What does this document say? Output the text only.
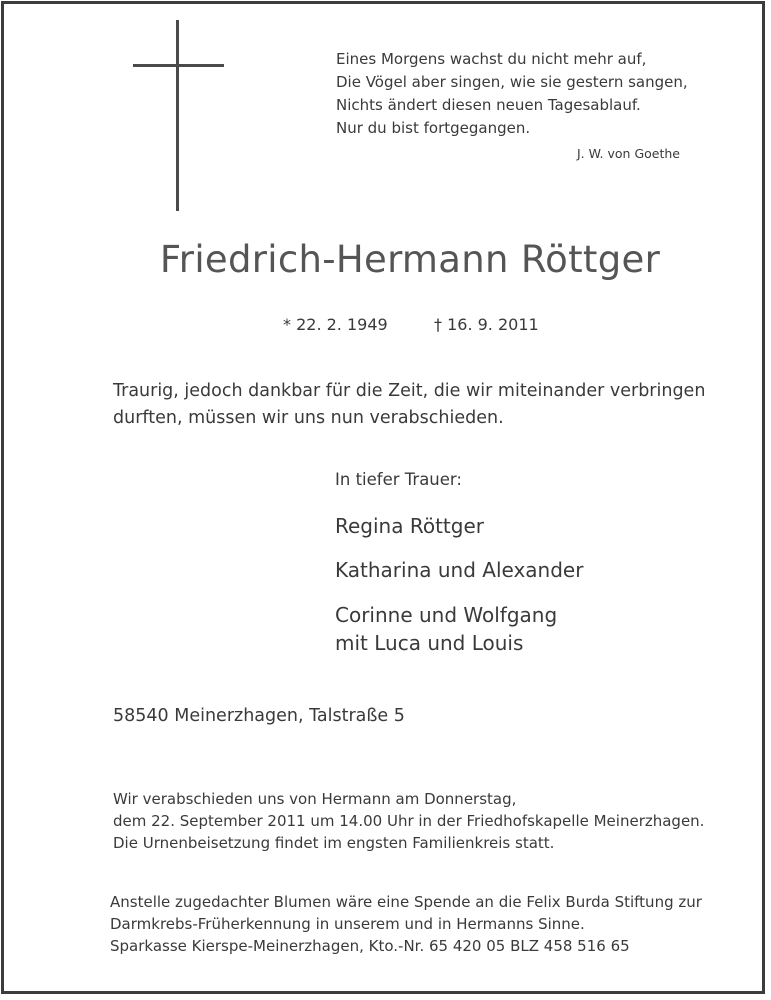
Eines Morgens wachst du nicht mehr auf,
Die Vögel aber singen, wie sie gestern sangen,
Nichts ändert diesen neuen Tagesablauf.
Nur du bist fortgegangen.
J. W. von Goethe
Friedrich-Hermann Röttger
* 22. 2. 1949	† 16. 9. 2011
Traurig, jedoch dankbar für die Zeit, die wir miteinander verbringen
durften, müssen wir uns nun verabschieden.
In tiefer Trauer:
Regina Röttger
Katharina und Alexander
Corinne und Wolfgang
mit Luca und Louis
58540 Meinerzhagen, Talstraße 5
Wir verabschieden uns von Hermann am Donnerstag,
dem 22. September 2011 um 14.00 Uhr in der Friedhofskapelle Meinerzhagen.
Die Urnenbeisetzung findet im engsten Familienkreis statt.
Anstelle zugedachter Blumen wäre eine Spende an die Felix Burda Stiftung zur
Darmkrebs-Früherkennung in unserem und in Hermanns Sinne.
Sparkasse Kierspe-Meinerzhagen, Kto.-Nr. 65 420 05 BLZ 458 516 65
